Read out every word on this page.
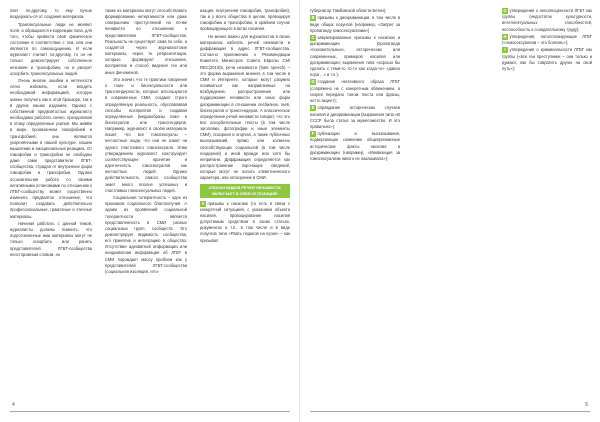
пает по-другому, то ему лучше воздержать-ся от создания материала.

Трансексуальные люди не меняют поля, а обращаются к коррекции пола, для того, чтобы привести своё физическое состояние в соответствие с тем, кем они являются по самоощущению. И если журналист считает по-другому, то он не только демонстрирует собственное незнание и трансфобию, но и рискует оскорбить трансексуальных людей.

Очень многие ошибки и неточности легко избежать, если владеть необходимой информацией, которую можно получить как в этой брошюре, так и в других наших изданиях. Однако с собственной предвзятостью журналисту необходимо работать лично, преодолевая в этому определённые усилия. Мы живём в мире, пронизанном гомофобией и трансфобией, они являются укоренёнными в нашей культуре, нашем мышлении и эмоциональных реакциях. От гомофобии и трансфобии не свободны даже сами представители ЛГБТ-сообщества, страдая от внутренних форм гомофобии и трансфобии. Однако осознательная работа со своими негативными установками по отношению к ЛГБТ-сообществу может существенно изменить предвзятое отношение, что позволит создавать действительно профессиональные, грамотные и этичные материалы.

Начиная работать с данной темой, журналисты должны помнить, что подготовленные ими материалы могут не только оскорбить или ранить представителей ЛГБТ-сообщества неосторожным словом, но

также их материалы могут способствовать формированию нетерпимости или даже совершению преступлений на почве ненависти по отношению к представителям ЛГБТ-сообщества. Реальность не существует сама по себе, а создаётся через журналистские материалы, через те репрезентации, которые формируют отношение, восприятие и способ видения тех или иных феноменов.

Это значит, что те практики говорения о гомо- и бисексуальности или трансгендерности, которые используются в современных СМИ, создают строго определённую реальность, обуславливая способы восприятия и создавая определённые (медиаобразы гомо- и бисексуалов или трансгендеров. Например, журналист в своём материале пишет, что все гомосексуалы – несчастные люди, что они не знают ни одного счастливого гомосексуала. Этим утверждением журналист конструирует соответствующее пронятие и идентичность гомосексуалов как несчастных людей. Однако действительность самого сообщества знает много вполне успешных и счастливых гомосексуальных людей.

Социальная толерантность – одно из признаков социального благополучия. А одним из проявлений социальной толерантности является представленность в СМИ разных социальных групп, сообществ. Это демонстрирует видимость сообщества, его принятие и интеграцию в общество. Отсутствие адекватной информации или неадекватная информация об ЛГБТ в СМИ порождает массу проблем как у представителей ЛГБТ-сообщества (социальная изоляция, гето-

изация, внутренняя гомофобия, трансфобия), так и у всего общества в целом, провоцируя гомофобию и трансфобию, в крайнем случае провоцирующего в актах насилия.

Не менее важно для журналистов в своих материалах избегать речей ненависти и диффамации в адрес ЛГБТ-сообщества. Согласно приложению к Рекомендации Комитета Министров Совета Европы CM/ REC(2010)5, речи ненависти (hate speech) – это форма выражения мнения, в том числе в СМИ и Интернете, которые могут разумно пониматься как направленные на возбуждение, распространение или поддержание ненависти или иных форм дискриминации в отношении лесбиянок, геев, бисексуалов и трансгендеров. А классическое определение речей ненависти говорит, что это все оскорбительные тексты (в том числе заголовки, фотографии и иные элементы СМИ), позорная и огорчая, а также публичных высказываний, прямо или косвенно способствующих социальной (в том числе гендерной) и иной вражде или хотя бы неприязни. Диффамация определяется как распространение порочащих сведений, которые могут не носить клеветнического характера, или опозорение в СМИ.

СПИСКИ ВИДОВ РЕЧЕЙ НЕНАВИСТИ, ВКЛЮЧАЕТ В СЕБЯ 20 ПОЗИЦИЙ:

A призывы к насилию (то есть в связи с конкретной ситуацией, с указанием объекта насилия, провоцирование насилия допустимым средством в своих статьях, документах и т.п.; в том числе и в виде лозунгов типа «Рвать педиков на куски» – как призывал

4

губернатор Тамбовской области Бетин);

B призывы к дискриминации, в том числе в виде общих лозунгов (например, «Запрет за пропаганду гомосексуализма»)

C завуалированные призывы к насилию и дискриминации (пропаганда «положительных», исторических или современных, примеров насилия или дискриминации; выражения типа «хорошо бы сделать с теми-то то-то как когда-то» «давно пора ...» и т.п.);

D создание негативного образа ЛГБТ (сопряжено не с конкретным обвинением, а скорее передано тоном текста или фразы, нетто акцент);

E оправдание исторических случаев насилия и дискриминации (выражения типа «В СССР была статья за мужеложество. И это правильно»);

F публикации и высказывания, подвергающие сомнению общепризнанные исторические факты насилия и дискриминации (например, «Инквизиция за гомосексуализм никого не наказывала»);

G утверждения о неполноценности ЛГБТ как группы (недостаток культурности, интеллектуальных способностей, неспособность к созидательному труду);

H утверждения, патологизирующие ЛГБТ («гомосексуализм – это болезнь»);

I утверждения о криминальности ЛГБТ как группы («все геи преступники – они только и думают, как бы совратить других на свой путь»);

5
